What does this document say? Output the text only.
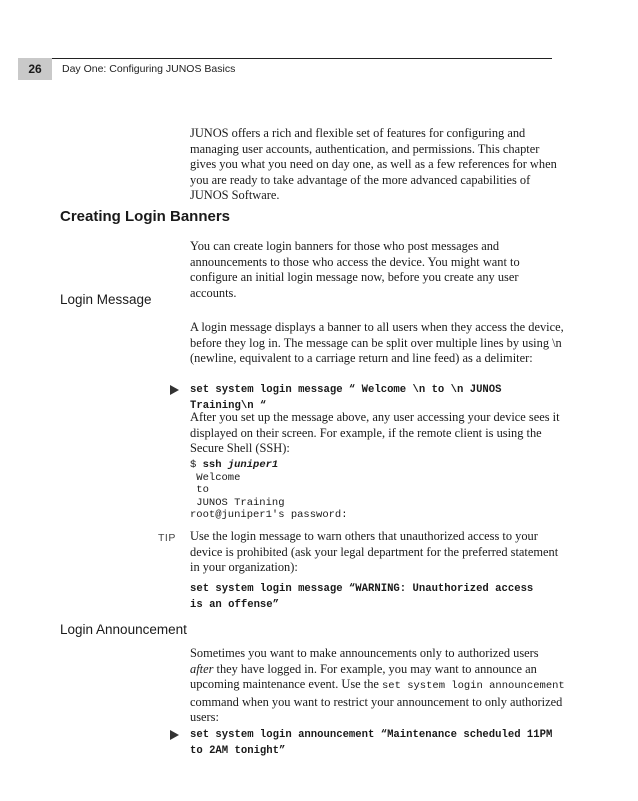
26	Day One: Configuring JUNOS Basics

JUNOS offers a rich and flexible set of features for configuring and managing user accounts, authentication, and permissions. This chapter gives you what you need on day one, as well as a few references for when you are ready to take advantage of the more advanced capabilities of JUNOS Software.

Creating Login Banners

You can create login banners for those who post messages and announcements to those who access the device. You might want to configure an initial login message now, before you create any user accounts.

Login Message

A login message displays a banner to all users when they access the device, before they log in. The message can be split over multiple lines by using \n (newline, equivalent to a carriage return and line feed) as a delimiter:

set system login message “ Welcome \n to \n JUNOS Training\n “

After you set up the message above, any user accessing your device sees it displayed on their screen. For example, if the remote client is using the Secure Shell (SSH):

$ ssh juniper1
Welcome
to
JUNOS Training
root@juniper1's password:
TIP Use the login message to warn others that unauthorized access to your device is prohibited (ask your legal department for the preferred statement in your organization):

set system login message “WARNING: Unauthorized access is an offense”
Login Announcement

Sometimes you want to make announcements only to authorized users after they have logged in. For example, you may want to announce an upcoming maintenance event. Use the set system login announcement command when you want to restrict your announcement to only authorized users:

set system login announcement “Maintenance scheduled 11PM to 2AM tonight”
